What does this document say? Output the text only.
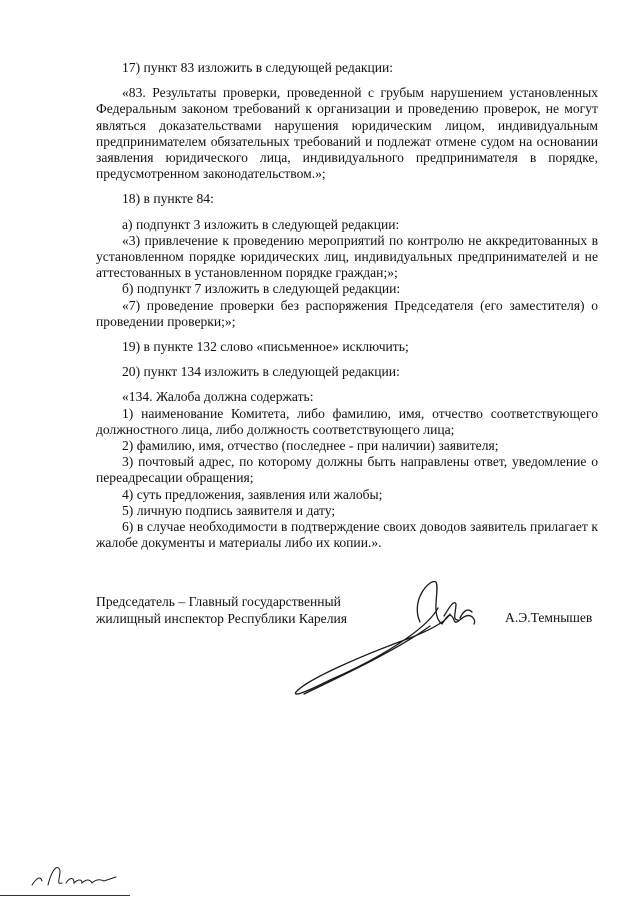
17) пункт 83 изложить в следующей редакции:

«83. Результаты проверки, проведенной с грубым нарушением установленных Федеральным законом требований к организации и проведению проверок, не могут являться доказательствами нарушения юридическим лицом, индивидуальным предпринимателем обязательных требований и подлежат отмене судом на основании заявления юридического лица, индивидуального предпринимателя в порядке, предусмотренном законодательством.»;

18) в пункте 84:

а) подпункт 3 изложить в следующей редакции:

«3) привлечение к проведению мероприятий по контролю не аккредитованных в установленном порядке юридических лиц, индивидуальных предпринимателей и не аттестованных в установленном порядке граждан;»;

б) подпункт 7 изложить в следующей редакции:

«7) проведение проверки без распоряжения Председателя (его заместителя) о проведении проверки;»;

19) в пункте 132 слово «письменное» исключить;

20) пункт 134 изложить в следующей редакции:

«134. Жалоба должна содержать:

1) наименование Комитета, либо фамилию, имя, отчество соответствующего должностного лица, либо должность соответствующего лица;

2) фамилию, имя, отчество (последнее - при наличии) заявителя;

3) почтовый адрес, по которому должны быть направлены ответ, уведомление о переадресации обращения;

4) суть предложения, заявления или жалобы;

5) личную подпись заявителя и дату;

6) в случае необходимости в подтверждение своих доводов заявитель прилагает к жалобе документы и материалы либо их копии.».

Председатель – Главный государственный
жилищный инспектор Республики Карелия	А.Э.Темнышев
